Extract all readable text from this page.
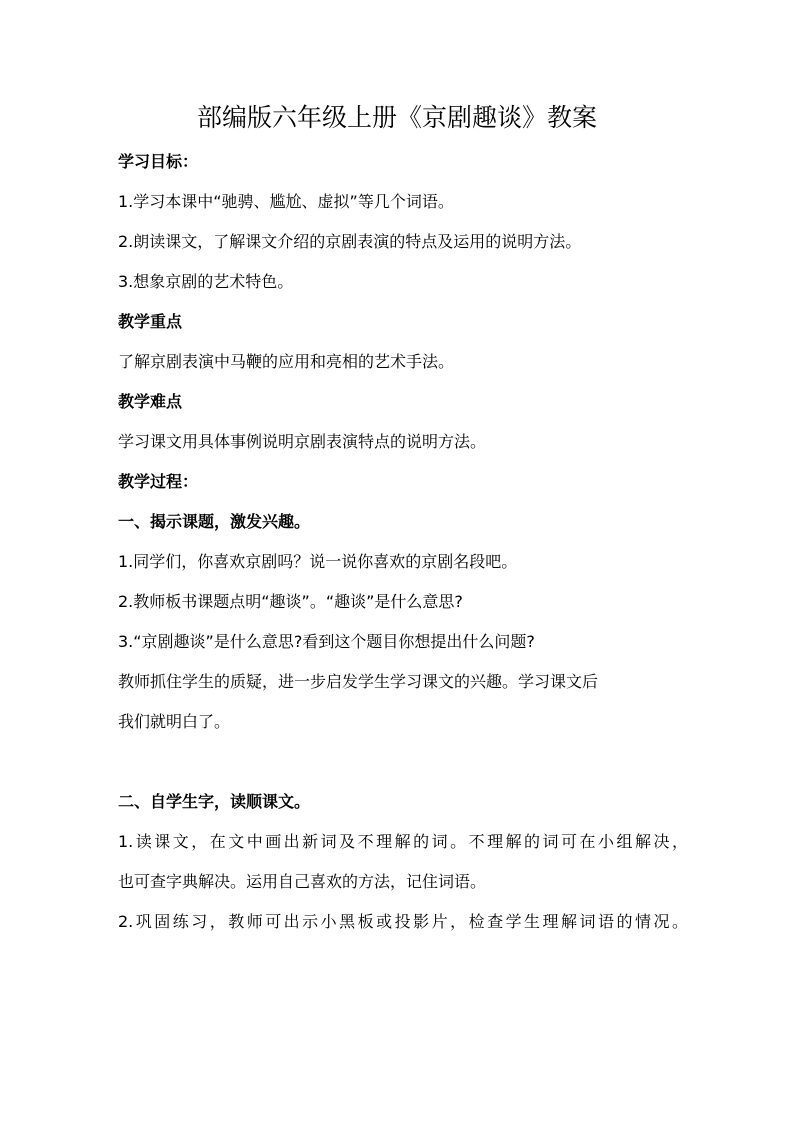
部编版六年级上册《京剧趣谈》教案
学习目标：
1.学习本课中“驰骋、尴尬、虚拟”等几个词语。
2.朗读课文，了解课文介绍的京剧表演的特点及运用的说明方法。
3.想象京剧的艺术特色。
教学重点
了解京剧表演中马鞭的应用和亮相的艺术手法。
教学难点
学习课文用具体事例说明京剧表演特点的说明方法。
教学过程：
一、揭示课题，激发兴趣。
1.同学们，你喜欢京剧吗？说一说你喜欢的京剧名段吧。
2.教师板书课题点明“趣谈”。“趣谈”是什么意思?
3.“京剧趣谈”是什么意思?看到这个题目你想提出什么问题?
教师抓住学生的质疑，进一步启发学生学习课文的兴趣。学习课文后
我们就明白了。
二、自学生字，读顺课文。
1.读课文，在文中画出新词及不理解的词。不理解的词可在小组解决，
也可查字典解决。运用自己喜欢的方法，记住词语。
2.巩固练习，教师可出示小黑板或投影片，检查学生理解词语的情况。
